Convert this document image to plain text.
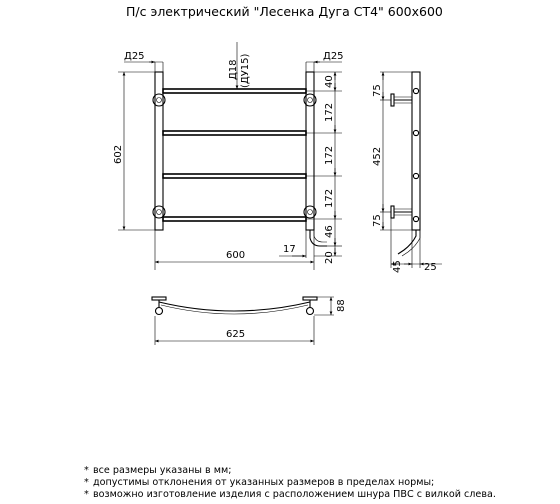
П/с электрический "Лесенка Дуга СТ4" 600х600
Д25	Д25
Д18 (ДУ15)
602
600
17
40
172
172
172
46
20
75
452
75
45 25
625
88
* все размеры указаны в мм;
* допустимы отклонения от указанных размеров в пределах нормы;
* возможно изготовление изделия с расположением шнура ПВС с вилкой слева.
